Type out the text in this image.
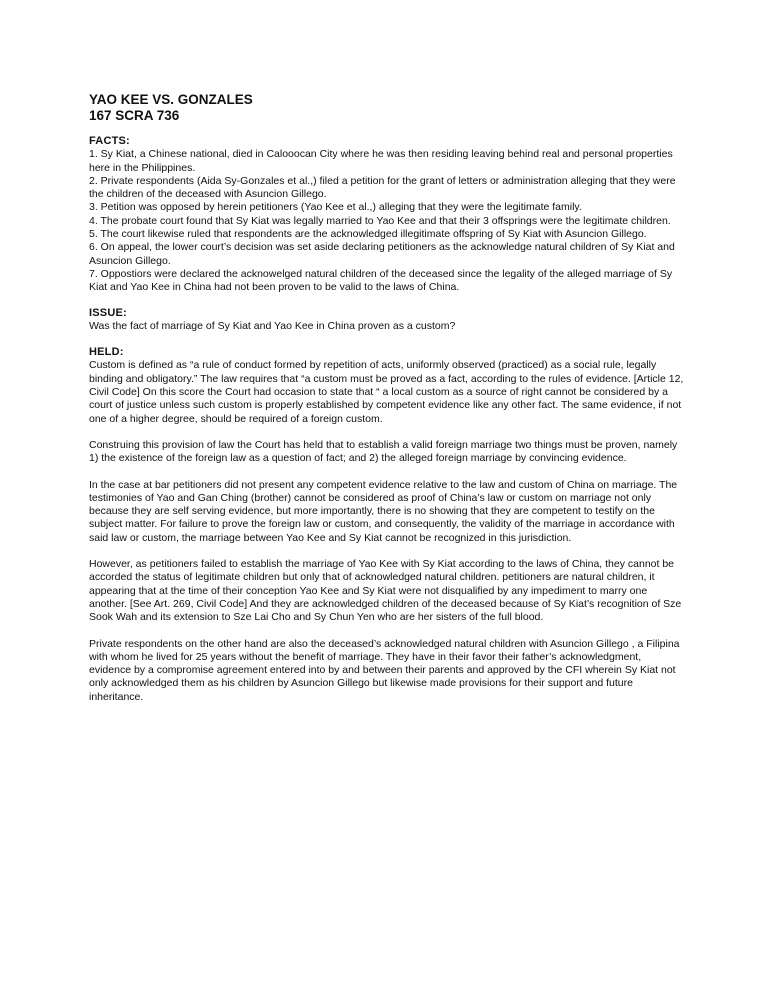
YAO KEE VS. GONZALES
167 SCRA 736
FACTS:

1. Sy Kiat, a Chinese national, died in Calooocan City where he was then residing leaving behind real and personal properties here in the Philippines.

2. Private respondents (Aida Sy-Gonzales et al.,) filed a petition for the grant of letters or administration alleging that they were the children of the deceased with Asuncion Gillego.

3. Petition was opposed by herein petitioners (Yao Kee et al.,) alleging that they were the legitimate family.

4. The probate court found that Sy Kiat was legally married to Yao Kee and that their 3 offsprings were the legitimate children.

5. The court likewise ruled that respondents are the acknowledged illegitimate offspring of Sy Kiat with Asuncion Gillego.

6. On appeal, the lower court’s decision was set aside declaring petitioners as the acknowledge natural children of Sy Kiat and Asuncion Gillego.

7. Oppostiors were declared the acknowelged natural children of the deceased since the legality of the alleged marriage of Sy Kiat and Yao Kee in China had not been proven to be valid to the laws of China.

ISSUE:

Was the fact of marriage of Sy Kiat and Yao Kee in China proven as a custom?

HELD:

Custom is defined as “a rule of conduct formed by repetition of acts, uniformly observed (practiced) as a social rule, legally binding and obligatory.” The law requires that “a custom must be proved as a fact, according to the rules of evidence. [Article 12, Civil Code] On this score the Court had occasion to state that “ a local custom as a source of right cannot be considered by a court of justice unless such custom is properly established by competent evidence like any other fact. The same evidence, if not one of a higher degree, should be required of a foreign custom.

Construing this provision of law the Court has held that to establish a valid foreign marriage two things must be proven, namely 1) the existence of the foreign law as a question of fact; and 2) the alleged foreign marriage by convincing evidence.

In the case at bar petitioners did not present any competent evidence relative to the law and custom of China on marriage. The testimonies of Yao and Gan Ching (brother) cannot be considered as proof of China’s law or custom on marriage not only because they are self serving evidence, but more importantly, there is no showing that they are competent to testify on the subject matter. For failure to prove the foreign law or custom, and consequently, the validity of the marriage in accordance with said law or custom, the marriage between Yao Kee and Sy Kiat cannot be recognized in this jurisdiction.

However, as petitioners failed to establish the marriage of Yao Kee with Sy Kiat according to the laws of China, they cannot be accorded the status of legitimate children but only that of acknowledged natural children. petitioners are natural children, it appearing that at the time of their conception Yao Kee and Sy Kiat were not disqualified by any impediment to marry one another. [See Art. 269, Civil Code] And they are acknowledged children of the deceased because of Sy Kiat’s recognition of Sze Sook Wah and its extension to Sze Lai Cho and Sy Chun Yen who are her sisters of the full blood.

Private respondents on the other hand are also the deceased’s acknowledged natural children with Asuncion Gillego , a Filipina with whom he lived for 25 years without the benefit of marriage. They have in their favor their father’s acknowledgment, evidence by a compromise agreement entered into by and between their parents and approved by the CFI wherein Sy Kiat not only acknowledged them as his children by Asuncion Gillego but likewise made provisions for their support and future inheritance.
